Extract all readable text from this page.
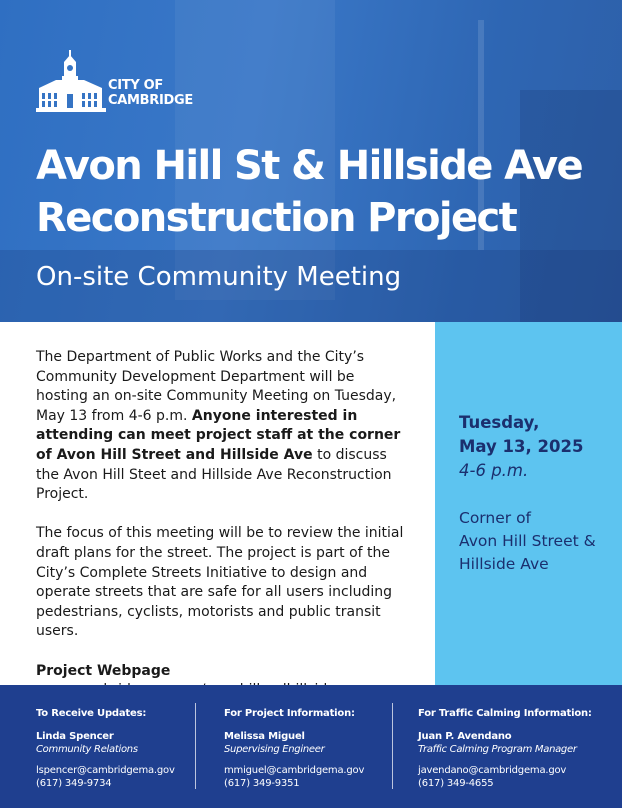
CITY OF
CAMBRIDGE
Avon Hill St & Hillside Ave
Reconstruction Project
On-site Community Meeting

The Department of Public Works and the City’s Community Development Department will be hosting an on-site Community Meeting on Tuesday, May 13 from 4-6 p.m. Anyone interested in attending can meet project staff at the corner of Avon Hill Street and Hillside Ave to discuss the Avon Hill Steet and Hillside Ave Reconstruction Project.

The focus of this meeting will be to review the initial draft plans for the street. The project is part of the City’s Complete Streets Initiative to design and operate streets that are safe for all users including pedestrians, cyclists, motorists and public transit users.

Project Webpage
Tuesday,
May 13, 2025
4-6 p.m.
Corner of
Avon Hill Street &
Hillside Ave
To Receive Updates:
Linda Spencer
Community Relations
lspencer@cambridgema.gov
(617) 349-9734
For Project Information:
Melissa Miguel
Supervising Engineer
mmiguel@cambridgema.gov
(617) 349-9351
For Traffic Calming Information:
Juan P. Avendano
Traffic Calming Program Manager
javendano@cambridgema.gov
(617) 349-4655
